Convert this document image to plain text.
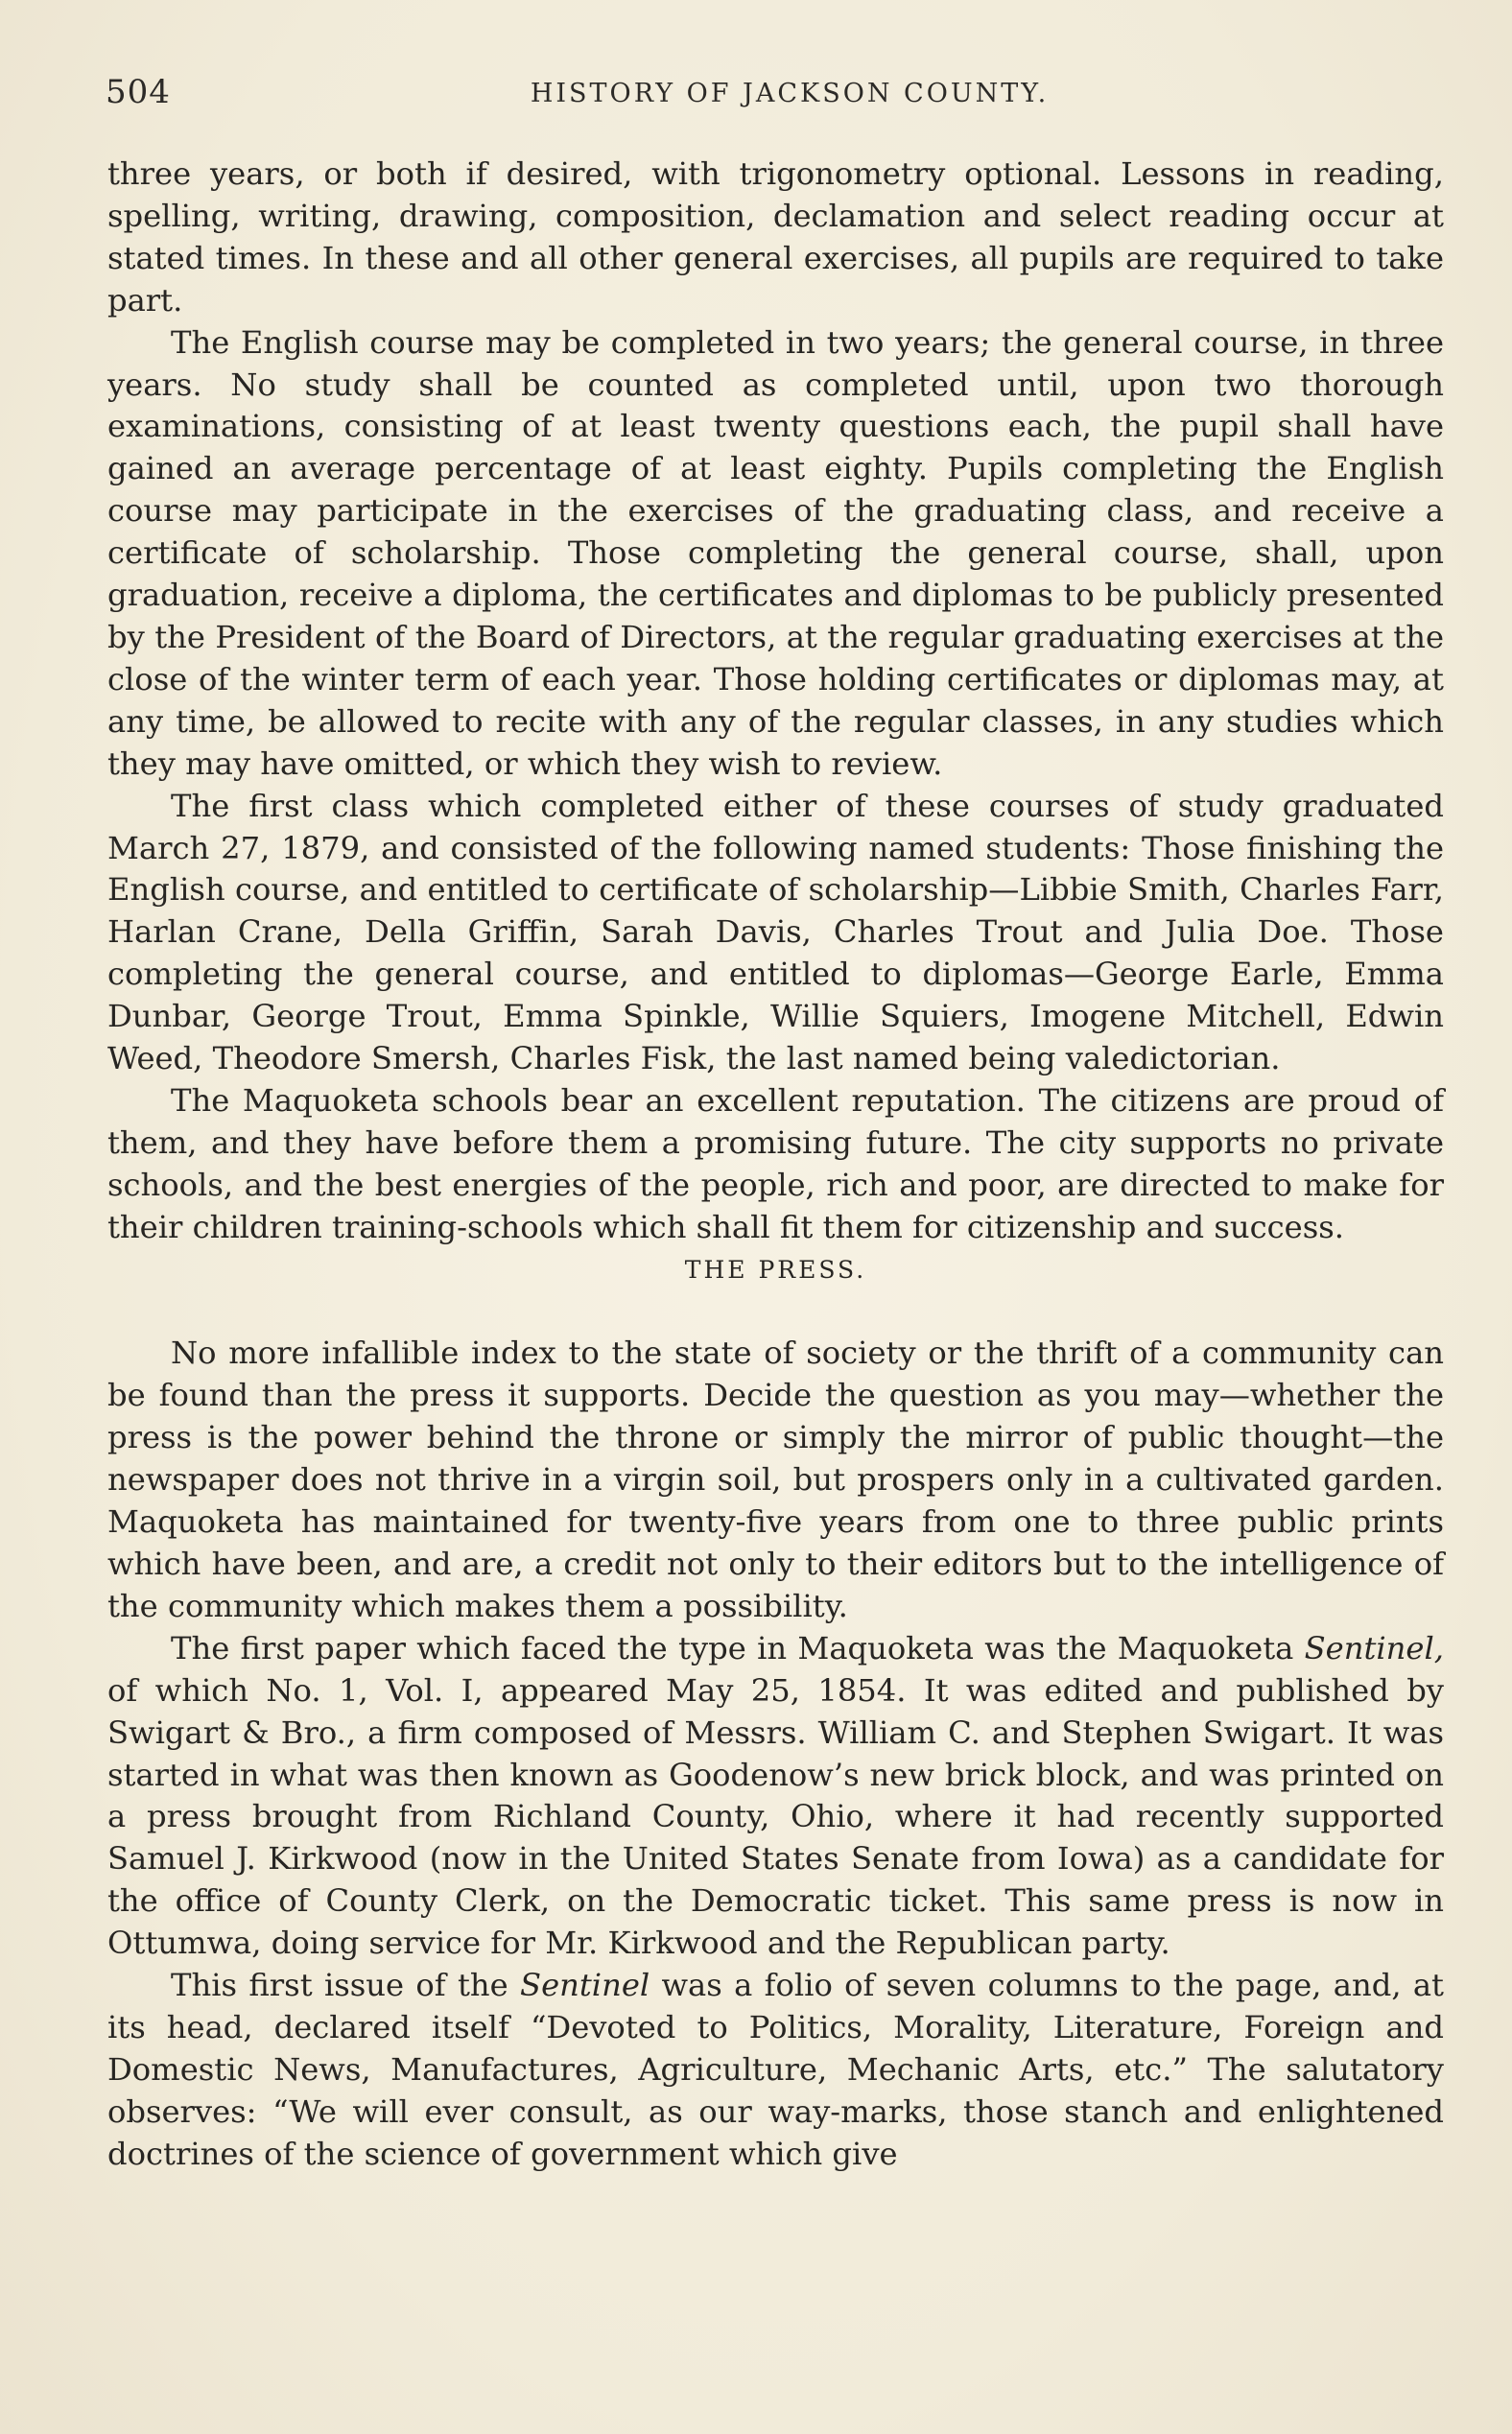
504	HISTORY OF JACKSON COUNTY.

three years, or both if desired, with trigonometry optional. Lessons in reading, spelling, writing, drawing, composition, declamation and select reading occur at stated times. In these and all other general exercises, all pupils are required to take part.

The English course may be completed in two years; the general course, in three years. No study shall be counted as completed until, upon two thorough examinations, consisting of at least twenty questions each, the pupil shall have gained an average percentage of at least eighty. Pupils completing the English course may participate in the exercises of the graduating class, and receive a certificate of scholarship. Those completing the general course, shall, upon graduation, receive a diploma, the certificates and diplomas to be publicly presented by the President of the Board of Directors, at the regular graduating exercises at the close of the winter term of each year. Those holding certificates or diplomas may, at any time, be allowed to recite with any of the regular classes, in any studies which they may have omitted, or which they wish to review.

The first class which completed either of these courses of study graduated March 27, 1879, and consisted of the following named students: Those finishing the English course, and entitled to certificate of scholarship—Libbie Smith, Charles Farr, Harlan Crane, Della Griffin, Sarah Davis, Charles Trout and Julia Doe. Those completing the general course, and entitled to diplomas—George Earle, Emma Dunbar, George Trout, Emma Spinkle, Willie Squiers, Imogene Mitchell, Edwin Weed, Theodore Smersh, Charles Fisk, the last named being valedictorian.

The Maquoketa schools bear an excellent reputation. The citizens are proud of them, and they have before them a promising future. The city supports no private schools, and the best energies of the people, rich and poor, are directed to make for their children training-schools which shall fit them for citizenship and success.

THE PRESS.

No more infallible index to the state of society or the thrift of a community can be found than the press it supports. Decide the question as you may—whether the press is the power behind the throne or simply the mirror of public thought—the newspaper does not thrive in a virgin soil, but prospers only in a cultivated garden. Maquoketa has maintained for twenty-five years from one to three public prints which have been, and are, a credit not only to their editors but to the intelligence of the community which makes them a possibility.

The first paper which faced the type in Maquoketa was the Maquoketa Sentinel, of which No. 1, Vol. I, appeared May 25, 1854. It was edited and published by Swigart & Bro., a firm composed of Messrs. William C. and Stephen Swigart. It was started in what was then known as Goodenow’s new brick block, and was printed on a press brought from Richland County, Ohio, where it had recently supported Samuel J. Kirkwood (now in the United States Senate from Iowa) as a candidate for the office of County Clerk, on the Democratic ticket. This same press is now in Ottumwa, doing service for Mr. Kirkwood and the Republican party.

This first issue of the Sentinel was a folio of seven columns to the page, and, at its head, declared itself “Devoted to Politics, Morality, Literature, Foreign and Domestic News, Manufactures, Agriculture, Mechanic Arts, etc.” The salutatory observes: “We will ever consult, as our way-marks, those stanch and enlightened doctrines of the science of government which give
